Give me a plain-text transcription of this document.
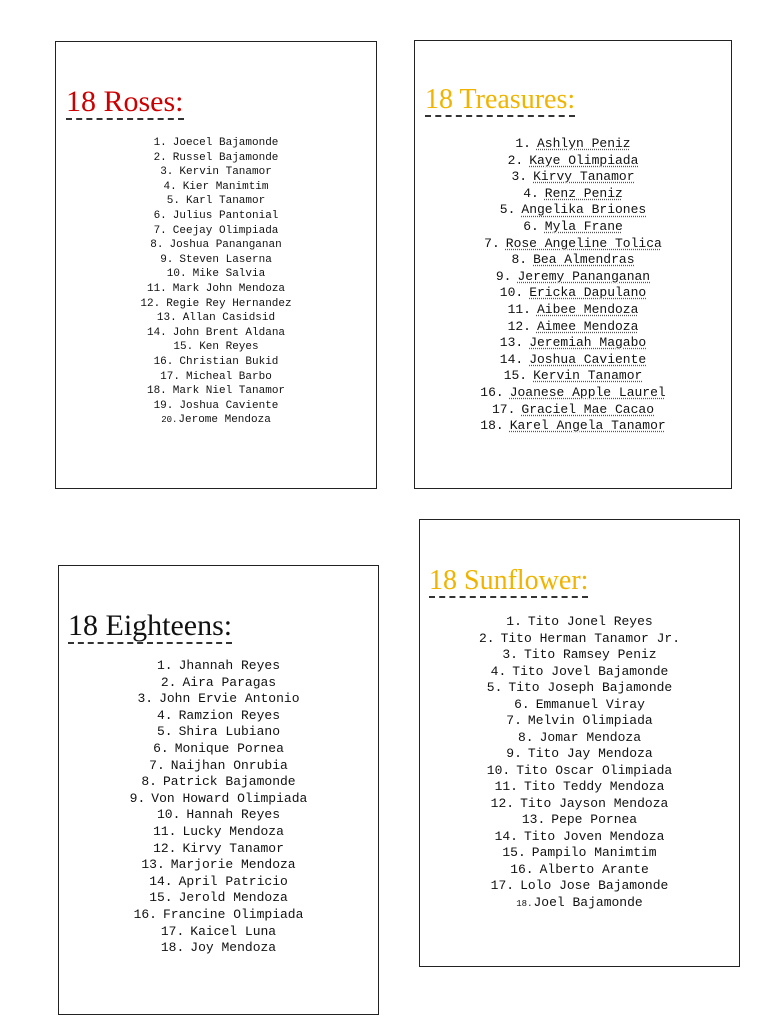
18 Roses:
1. Joecel Bajamonde
2. Russel Bajamonde
3. Kervin Tanamor
4. Kier Manimtim
5. Karl Tanamor
6. Julius Pantonial
7. Ceejay Olimpiada
8. Joshua Pananganan
9. Steven Laserna
10. Mike Salvia
11. Mark John Mendoza
12. Regie Rey Hernandez
13. Allan Casidsid
14. John Brent Aldana
15. Ken Reyes
16. Christian Bukid
17. Micheal Barbo
18. Mark Niel Tanamor
19. Joshua Caviente
20.Jerome Mendoza
18 Treasures:
1. Ashlyn Peniz
2. Kaye Olimpiada
3. Kirvy Tanamor
4. Renz Peniz
5. Angelika Briones
6. Myla Frane
7. Rose Angeline Tolica
8. Bea Almendras
9. Jeremy Pananganan
10. Ericka Dapulano
11. Aibee Mendoza
12. Aimee Mendoza
13. Jeremiah Magabo
14. Joshua Caviente
15. Kervin Tanamor
16. Joanese Apple Laurel
17. Graciel Mae Cacao
18. Karel Angela Tanamor
18 Eighteens:
1. Jhannah Reyes
2. Aira Paragas
3. John Ervie Antonio
4. Ramzion Reyes
5. Shira Lubiano
6. Monique Pornea
7. Naijhan Onrubia
8. Patrick Bajamonde
9. Von Howard Olimpiada
10. Hannah Reyes
11. Lucky Mendoza
12. Kirvy Tanamor
13. Marjorie Mendoza
14. April Patricio
15. Jerold Mendoza
16. Francine Olimpiada
17. Kaicel Luna
18. Joy Mendoza
18 Sunflower:
1. Tito Jonel Reyes
2. Tito Herman Tanamor Jr.
3. Tito Ramsey Peniz
4. Tito Jovel Bajamonde
5. Tito Joseph Bajamonde
6. Emmanuel Viray
7. Melvin Olimpiada
8. Jomar Mendoza
9. Tito Jay Mendoza
10. Tito Oscar Olimpiada
11. Tito Teddy Mendoza
12. Tito Jayson Mendoza
13. Pepe Pornea
14. Tito Joven Mendoza
15. Pampilo Manimtim
16. Alberto Arante
17. Lolo Jose Bajamonde
18.Joel Bajamonde
